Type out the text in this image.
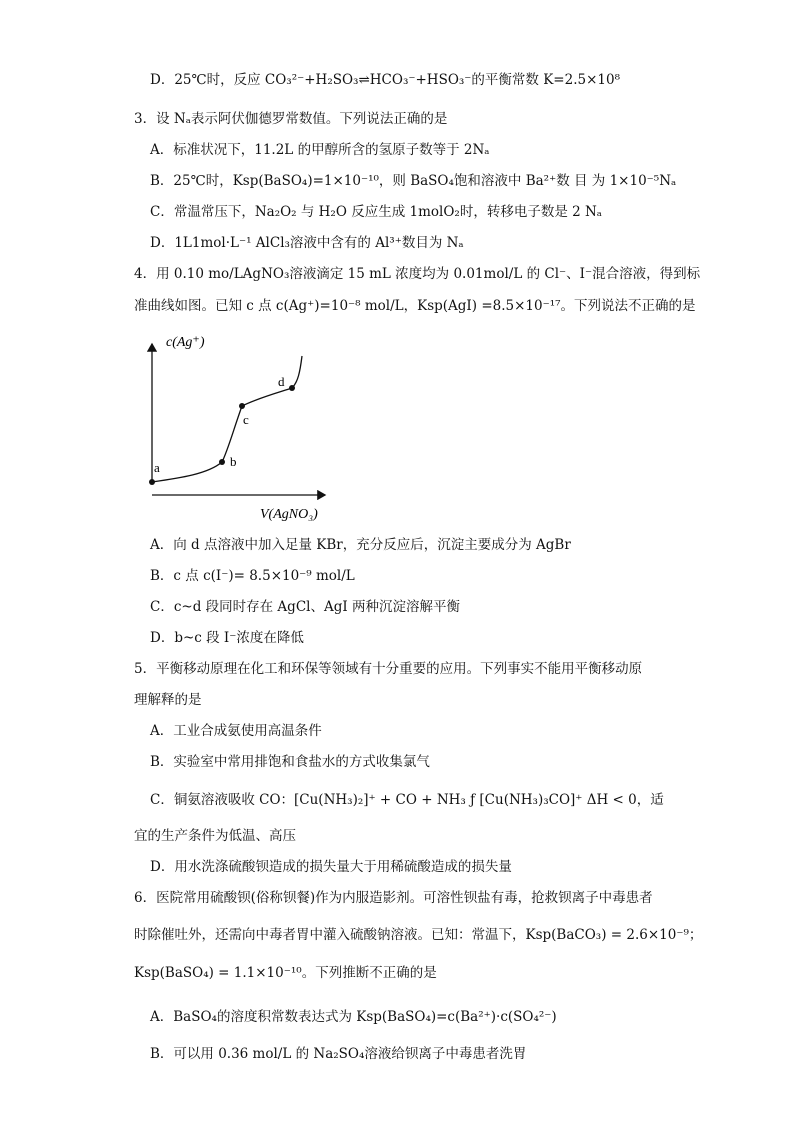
D．25℃时，反应 CO₃²⁻+H₂SO₃⇌HCO₃⁻+HSO₃⁻的平衡常数 K=2.5×10⁸
3．设 Nₐ表示阿伏伽德罗常数值。下列说法正确的是
A．标准状况下，11.2L 的甲醇所含的氢原子数等于 2Nₐ
B．25℃时，Ksp(BaSO₄)=1×10⁻¹⁰，则 BaSO₄饱和溶液中 Ba²⁺数 目 为 1×10⁻⁵Nₐ
C．常温常压下，Na₂O₂ 与 H₂O 反应生成 1molO₂时，转移电子数是 2 Nₐ
D．1L1mol·L⁻¹ AlCl₃溶液中含有的 Al³⁺数目为 Nₐ
4．用 0.10 mo/LAgNO₃溶液滴定 15 mL 浓度均为 0.01mol/L 的 Cl⁻、I⁻混合溶液，得到标
准曲线如图。已知 c 点 c(Ag⁺)=10⁻⁸ mol/L，Ksp(AgI) =8.5×10⁻¹⁷。下列说法不正确的是
c(Ag⁺)
V(AgNO₃)
a	b
c
d
A．向 d 点溶液中加入足量 KBr，充分反应后，沉淀主要成分为 AgBr
B．c 点 c(I⁻)= 8.5×10⁻⁹ mol/L
C．c~d 段同时存在 AgCl、AgI 两种沉淀溶解平衡
D．b~c 段 I⁻浓度在降低
5．平衡移动原理在化工和环保等领域有十分重要的应用。下列事实不能用平衡移动原
理解释的是
A．工业合成氨使用高温条件
B．实验室中常用排饱和食盐水的方式收集氯气
C．铜氨溶液吸收 CO：[Cu(NH₃)₂]⁺ + CO + NH₃ ƒ [Cu(NH₃)₃CO]⁺ ΔH < 0，适
宜的生产条件为低温、高压
D．用水洗涤硫酸钡造成的损失量大于用稀硫酸造成的损失量
6．医院常用硫酸钡(俗称钡餐)作为内服造影剂。可溶性钡盐有毒，抢救钡离子中毒患者
时除催吐外，还需向中毒者胃中灌入硫酸钠溶液。已知：常温下，Ksp(BaCO₃) = 2.6×10⁻⁹；
Ksp(BaSO₄) = 1.1×10⁻¹⁰。下列推断不正确的是
A．BaSO₄的溶度积常数表达式为 Ksp(BaSO₄)=c(Ba²⁺)·c(SO₄²⁻)
B．可以用 0.36 mol/L 的 Na₂SO₄溶液给钡离子中毒患者洗胃
